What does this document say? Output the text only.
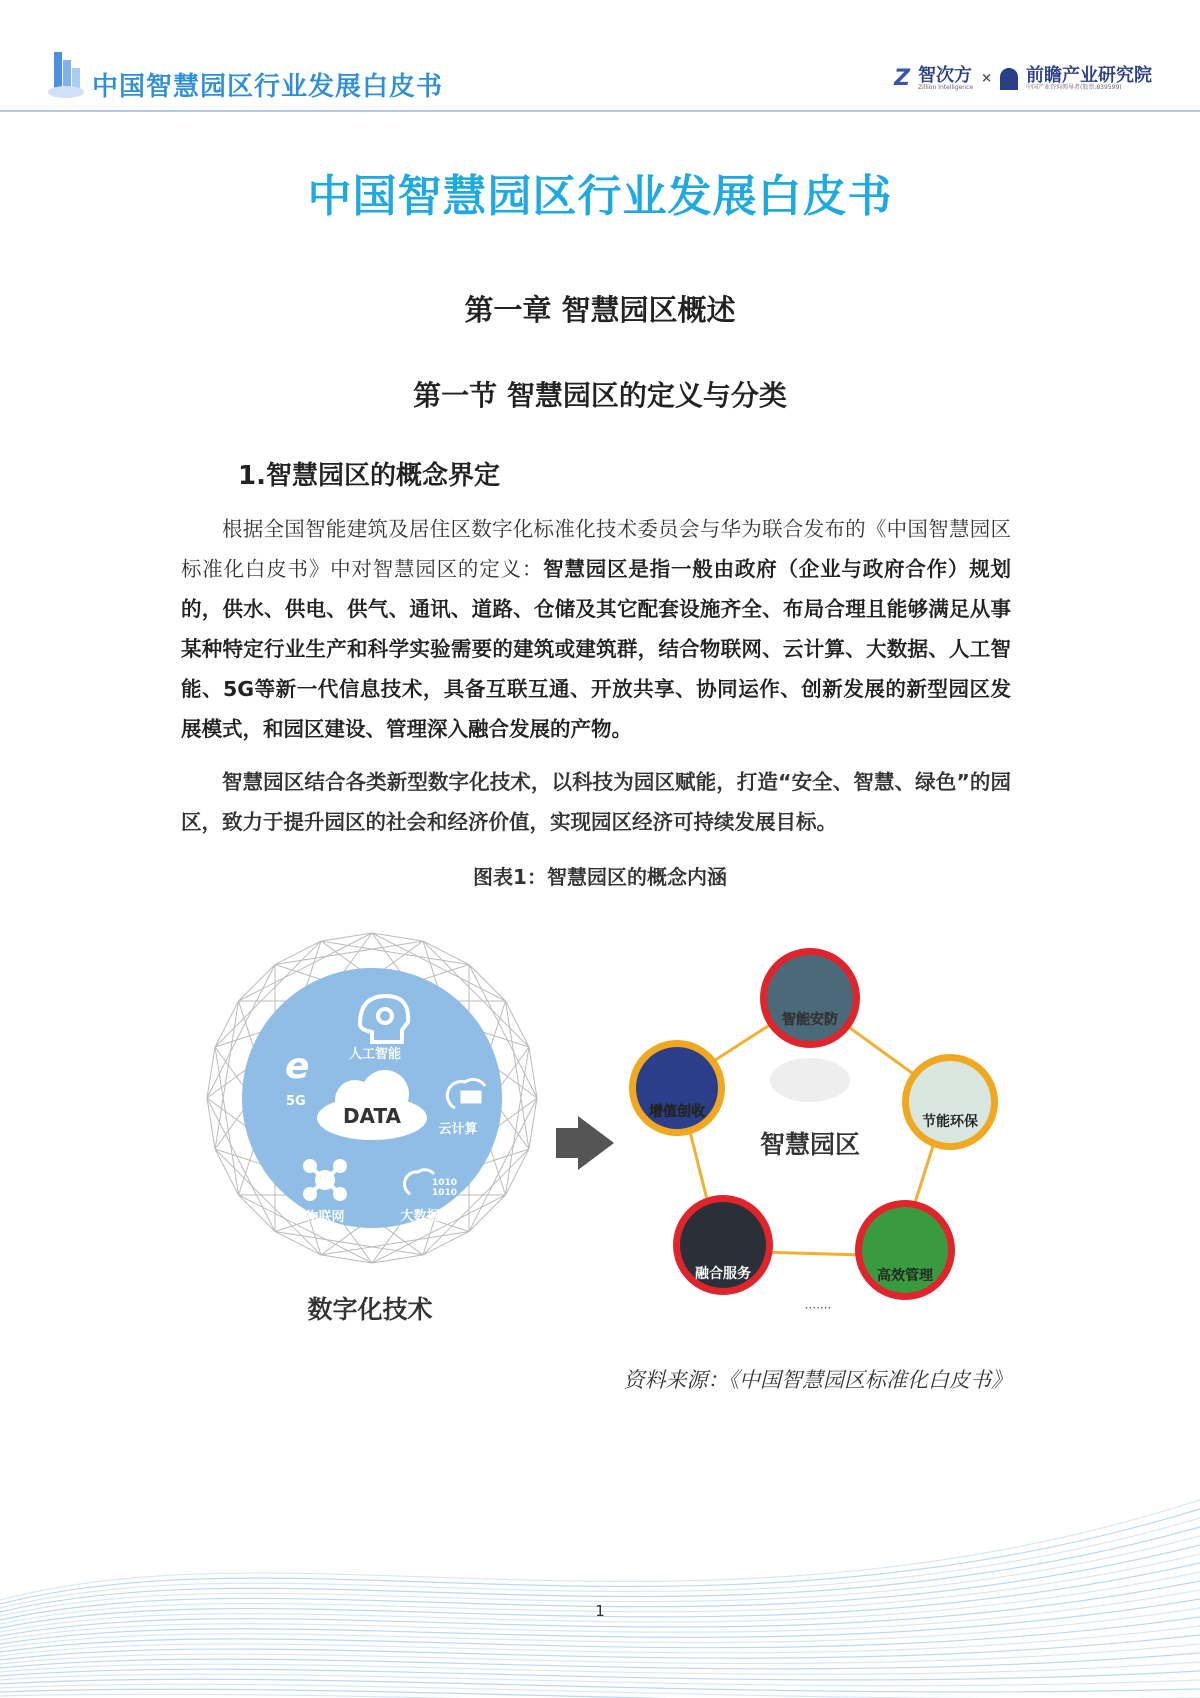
中国智慧园区行业发展白皮书	Z 智次方
Zillion Intelligence
× 前瞻产业研究院
中国产业咨询领导者(股票:839599)
中国智慧园区行业发展白皮书
第一章 智慧园区概述
第一节 智慧园区的定义与分类
1.智慧园区的概念界定
根据全国智能建筑及居住区数字化标准化技术委员会与华为联合发布的《中国智慧园区标准化白皮书》中对智慧园区的定义：智慧园区是指一般由政府（企业与政府合作）规划的，供水、供电、供气、通讯、道路、仓储及其它配套设施齐全、布局合理且能够满足从事某种特定行业生产和科学实验需要的建筑或建筑群，结合物联网、云计算、大数据、人工智能、5G等新一代信息技术，具备互联互通、开放共享、协同运作、创新发展的新型园区发展模式，和园区建设、管理深入融合发展的产物。
智慧园区结合各类新型数字化技术，以科技为园区赋能，打造“安全、智慧、绿色”的园区，致力于提升园区的社会和经济价值，实现园区经济可持续发展目标。
图表1：智慧园区的概念内涵
人工智能
e
5G
DATA
云计算
物联网
1010
1010
大数据
……
数字化技术
智慧园区
智能安防
节能环保
高效管理
融合服务
增值创收
·······
资料来源：《中国智慧园区标准化白皮书》
1
